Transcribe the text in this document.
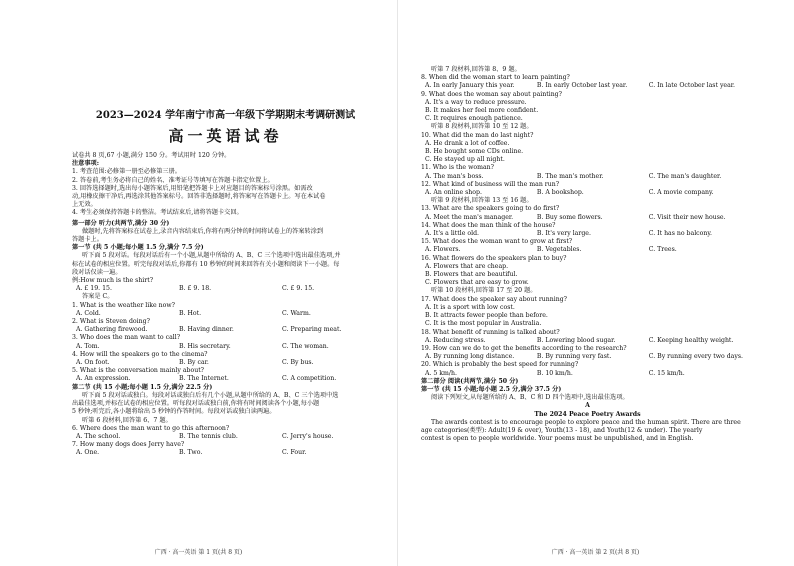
2023—2024 学年南宁市高一年级下学期期末考调研测试
高一英语试卷
试卷共 8 页,67 小题,满分 150 分。考试用时 120 分钟。
注意事项:
1. 考查范围:必修第一册至必修第三册。
2. 答卷前,考生务必将自己的姓名、准考证号等填写在答题卡指定位置上。
3. 回答选择题时,选出每小题答案后,用铅笔把答题卡上对应题目的答案标号涂黑。如需改
动,用橡皮擦干净后,再选涂其他答案标号。回答非选择题时,将答案写在答题卡上。写在本试卷
上无效。
4. 考生必须保持答题卡的整洁。考试结束后,请将答题卡交回。
第一部分 听力(共两节,满分 30 分)
做题时,先将答案标在试卷上,录音内容结束后,你将有两分钟的时间将试卷上的答案转涂到
答题卡上。
第一节 (共 5 小题;每小题 1.5 分,满分 7.5 分)
听下面 5 段对话。每段对话后有一个小题,从题中所给的 A、B、C 三个选项中选出最佳选项,并
标在试卷的相应位置。听完每段对话后,你都有 10 秒钟的时间来回答有关小题和阅读下一小题。每
段对话仅读一遍。
例:How much is the shirt?
A. £ 19. 15.	B. £ 9. 18.	C. £ 9. 15.
答案是 C。
1. What is the weather like now?
A. Cold.	B. Hot.	C. Warm.
2. What is Steven doing?
A. Gathering firewood.	B. Having dinner.	C. Preparing meat.
3. Who does the man want to call?
A. Tom.	B. His secretary.	C. The woman.
4. How will the speakers go to the cinema?
A. On foot.	B. By car.	C. By bus.
5. What is the conversation mainly about?
A. An expression.	B. The Internet.	C. A competition.
第二节 (共 15 小题;每小题 1.5 分,满分 22.5 分)
听下面 5 段对话或独白。每段对话或独白后有几个小题,从题中所给的 A、B、C 三个选项中选
出最佳选项,并标在试卷的相应位置。听每段对话或独白前,你将有时间阅读各个小题,每小题
5 秒钟;听完后,各小题将给出 5 秒钟的作答时间。每段对话或独白读两遍。
听第 6 段材料,回答第 6、7 题。
6. Where does the man want to go this afternoon?
A. The school.	B. The tennis club.	C. Jerry's house.
7. How many dogs does Jerry have?
A. One.	B. Two.	C. Four.
广西 · 高一英语 第 1 页(共 8 页)
听第 7 段材料,回答第 8、9 题。
8. When did the woman start to learn painting?
A. In early January this year.	B. In early October last year.	C. In late October last year.
9. What does the woman say about painting?
A. It's a way to reduce pressure.
B. It makes her feel more confident.
C. It requires enough patience.
听第 8 段材料,回答第 10 至 12 题。
10. What did the man do last night?
A. He drank a lot of coffee.
B. He bought some CDs online.
C. He stayed up all night.
11. Who is the woman?
A. The man's boss.	B. The man's mother.	C. The man's daughter.
12. What kind of business will the man run?
A. An online shop.	B. A bookshop.	C. A movie company.
听第 9 段材料,回答第 13 至 16 题。
13. What are the speakers going to do first?
A. Meet the man's manager.	B. Buy some flowers.	C. Visit their new house.
14. What does the man think of the house?
A. It's a little old.	B. It's very large.	C. It has no balcony.
15. What does the woman want to grow at first?
A. Flowers.	B. Vegetables.	C. Trees.
16. What flowers do the speakers plan to buy?
A. Flowers that are cheap.
B. Flowers that are beautiful.
C. Flowers that are easy to grow.
听第 10 段材料,回答第 17 至 20 题。
17. What does the speaker say about running?
A. It is a sport with low cost.
B. It attracts fewer people than before.
C. It is the most popular in Australia.
18. What benefit of running is talked about?
A. Reducing stress.	B. Lowering blood sugar.	C. Keeping healthy weight.
19. How can we do to get the benefits according to the research?
A. By running long distance.	B. By running very fast.	C. By running every two days.
20. Which is probably the best speed for running?
A. 5 km/h.	B. 10 km/h.	C. 15 km/h.
第二部分 阅读(共两节,满分 50 分)
第一节 (共 15 小题;每小题 2.5 分,满分 37.5 分)
阅读下列短文,从每题所给的 A、B、C 和 D 四个选项中,选出最佳选项。
A
The 2024 Peace Poetry Awards
The awards contest is to encourage people to explore peace and the human spirit. There are three
age categories(类型): Adult(19 & over), Youth(13 - 18), and Youth(12 & under). The yearly
contest is open to people worldwide. Your poems must be unpublished, and in English.
广西 · 高一英语 第 2 页(共 8 页)
